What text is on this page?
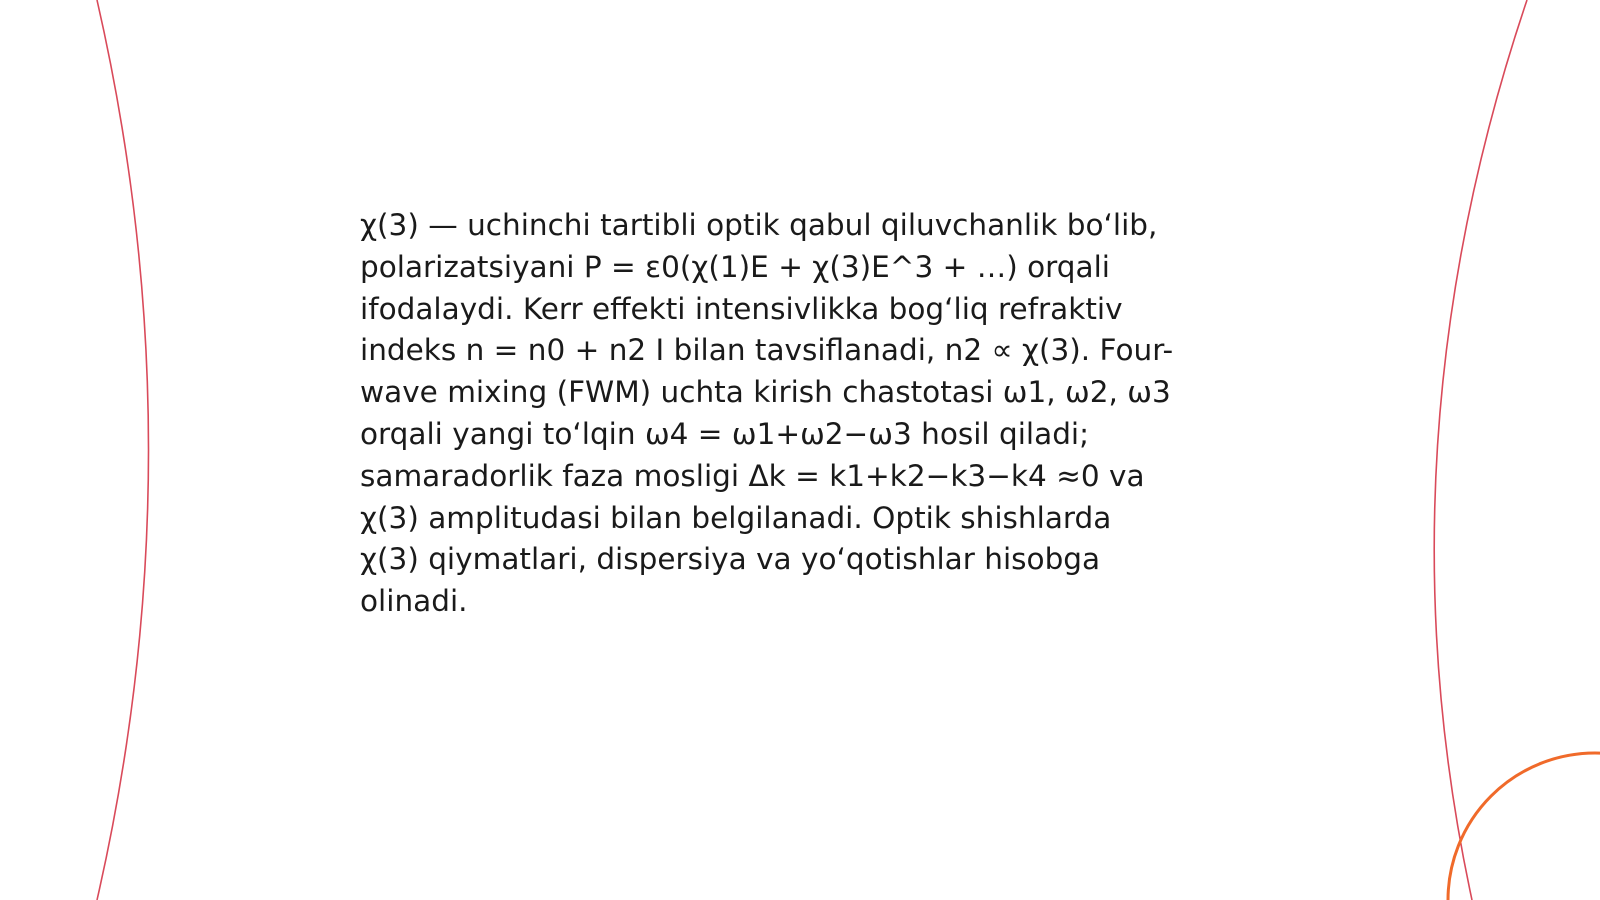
χ(3) — uchinchi tartibli optik qabul qiluvchanlik boʻlib,
polarizatsiyani P = ε0(χ(1)E + χ(3)E^3 + …) orqali
ifodalaydi. Kerr effekti intensivlikka bogʻliq refraktiv
indeks n = n0 + n2 I bilan tavsiflanadi, n2 ∝ χ(3). Four-
wave mixing (FWM) uchta kirish chastotasi ω1, ω2, ω3
orqali yangi toʻlqin ω4 = ω1+ω2−ω3 hosil qiladi;
samaradorlik faza mosligi Δk = k1+k2−k3−k4 ≈0 va
χ(3) amplitudasi bilan belgilanadi. Optik shishlarda
χ(3) qiymatlari, dispersiya va yoʻqotishlar hisobga
olinadi.
